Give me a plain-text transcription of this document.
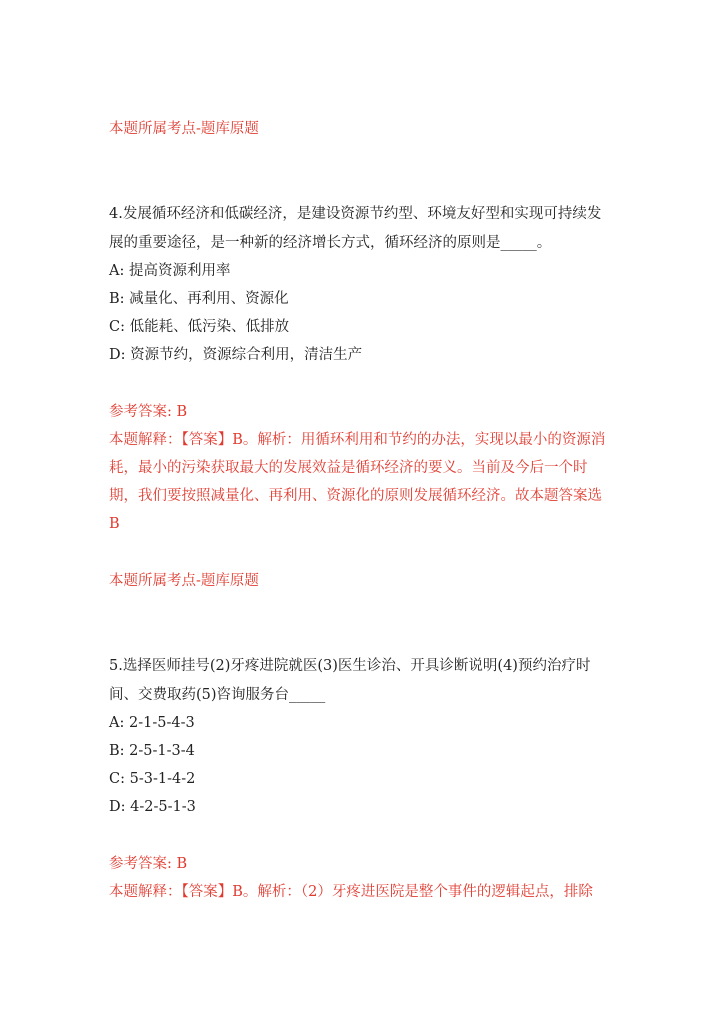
本题所属考点-题库原题
4.发展循环经济和低碳经济，是建设资源节约型、环境友好型和实现可持续发
展的重要途径，是一种新的经济增长方式，循环经济的原则是_____。
A: 提高资源利用率
B: 减量化、再利用、资源化
C: 低能耗、低污染、低排放
D: 资源节约，资源综合利用，清洁生产
参考答案: B
本题解释：【答案】B。解析：用循环利用和节约的办法，实现以最小的资源消
耗，最小的污染获取最大的发展效益是循环经济的要义。当前及今后一个时
期，我们要按照减量化、再利用、资源化的原则发展循环经济。故本题答案选
B
本题所属考点-题库原题
5.选择医师挂号(2)牙疼进院就医(3)医生诊治、开具诊断说明(4)预约治疗时
间、交费取药(5)咨询服务台_____
A: 2-1-5-4-3
B: 2-5-1-3-4
C: 5-3-1-4-2
D: 4-2-5-1-3
参考答案: B
本题解释：【答案】B。解析：（2）牙疼进医院是整个事件的逻辑起点，排除
